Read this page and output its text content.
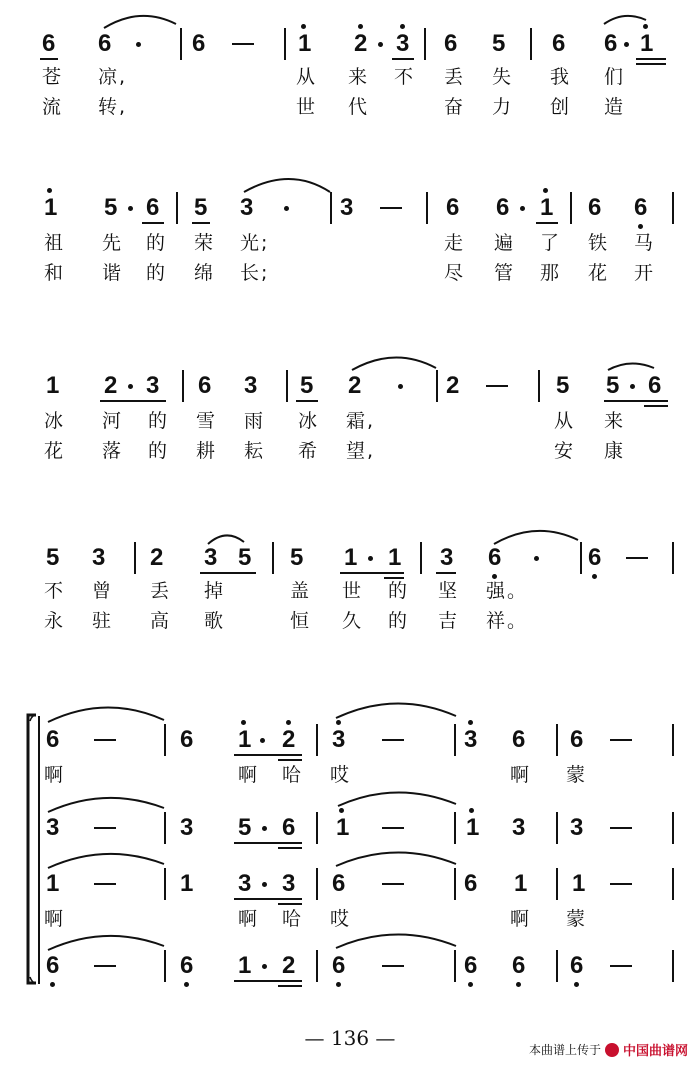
6 6	6	1 2 3 6 5 6 6 1
苍 凉,	从 来 不 丢 失 我 们
流 转,	世 代	奋 力 创 造
1 5 6 5 3	3	6 6 1 6 6
祖 先 的 荣 光;	走 遍 了 铁 马
和 谐 的 绵 长;	尽 管 那 花 开
1 2 3 6 3 5 2	2	5 5 6
冰 河 的 雪 雨 冰 霜,	从 来
花 落 的 耕 耘 希 望,	安 康
5 3 2 3 5 5 1 1 3 6	6
不 曾 丢 掉	盖 世 的 坚 强。
永 驻 高 歌	恒 久 的 吉 祥。
6	6 1 2 3	3 6 6
啊	啊 哈 哎	啊 蒙
3	3 5 6 1	1 3 3
1	1 3 3 6	6 1 1
啊	啊 哈 哎	啊 蒙
6	6 1 2 6	6 6 6
— 136 —	本曲谱上传于 中国曲谱网
